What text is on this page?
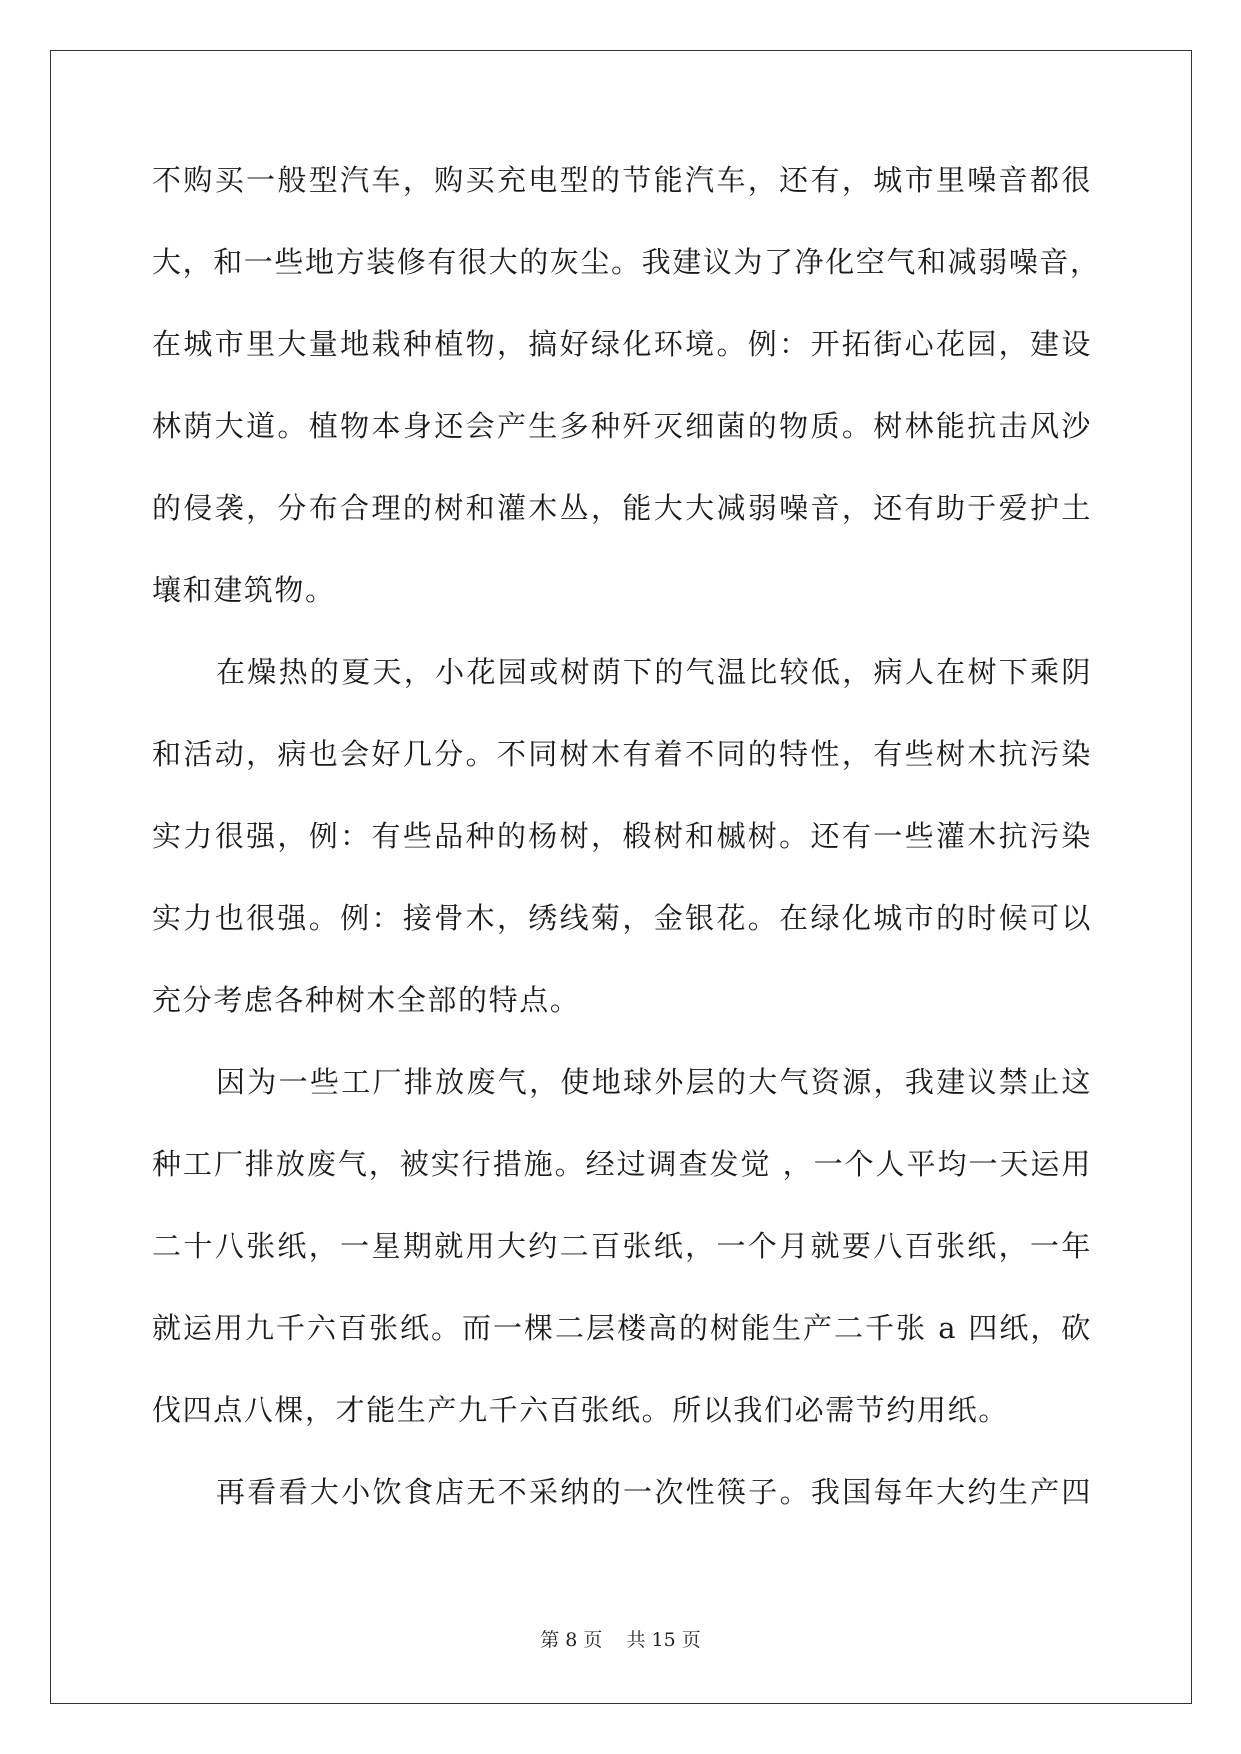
不购买一般型汽车，购买充电型的节能汽车，还有，城市里噪音都很
大，和一些地方装修有很大的灰尘。我建议为了净化空气和减弱噪音，
在城市里大量地栽种植物，搞好绿化环境。例：开拓街心花园，建设
林荫大道。植物本身还会产生多种歼灭细菌的物质。树林能抗击风沙
的侵袭，分布合理的树和灌木丛，能大大减弱噪音，还有助于爱护土
壤和建筑物。
在燥热的夏天，小花园或树荫下的气温比较低，病人在树下乘阴
和活动，病也会好几分。不同树木有着不同的特性，有些树木抗污染
实力很强，例：有些品种的杨树，椴树和槭树。还有一些灌木抗污染
实力也很强。例：接骨木，绣线菊，金银花。在绿化城市的时候可以
充分考虑各种树木全部的特点。
因为一些工厂排放废气，使地球外层的大气资源，我建议禁止这
种工厂排放废气，被实行措施。经过调查发觉 ，一个人平均一天运用
二十八张纸，一星期就用大约二百张纸，一个月就要八百张纸，一年
就运用九千六百张纸。而一棵二层楼高的树能生产二千张 a 四纸，砍
伐四点八棵，才能生产九千六百张纸。所以我们必需节约用纸。
再看看大小饮食店无不采纳的一次性筷子。我国每年大约生产四
第 8 页 共 15 页
